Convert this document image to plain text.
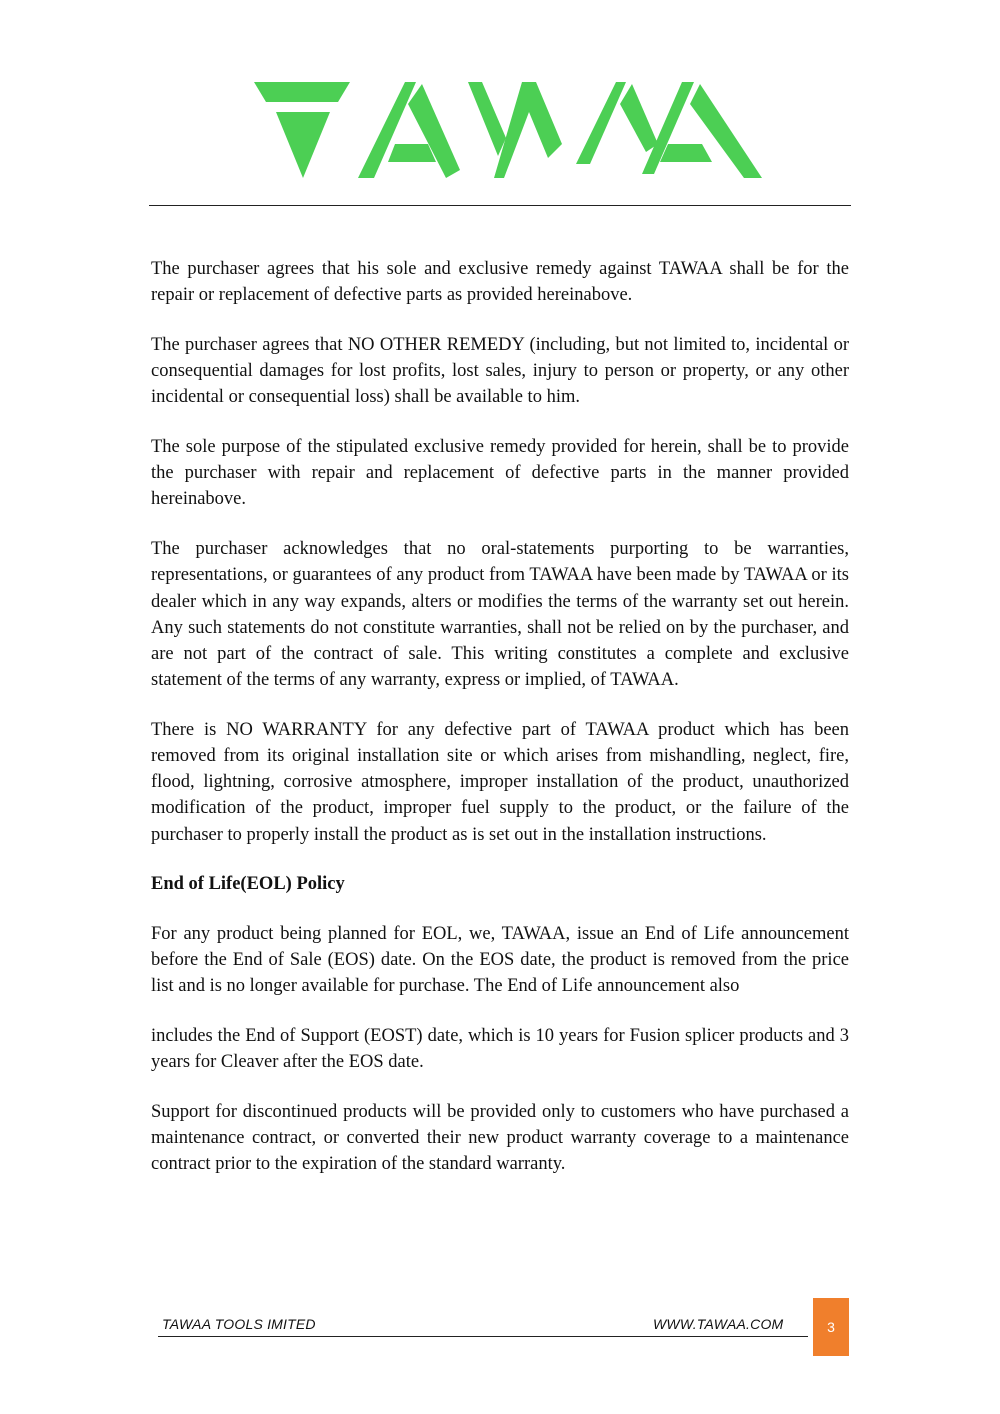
The purchaser agrees that his sole and exclusive remedy against TAWAA shall be for the repair or replacement of defective parts as provided hereinabove.

The purchaser agrees that NO OTHER REMEDY (including, but not limited to, incidental or consequential damages for lost profits, lost sales, injury to person or property, or any other incidental or consequential loss) shall be available to him.

The sole purpose of the stipulated exclusive remedy provided for herein, shall be to provide the purchaser with repair and replacement of defective parts in the manner provided hereinabove.

The purchaser acknowledges that no oral-statements purporting to be warranties, representations, or guarantees of any product from TAWAA have been made by TAWAA or its dealer which in any way expands, alters or modifies the terms of the warranty set out herein. Any such statements do not constitute warranties, shall not be relied on by the purchaser, and are not part of the contract of sale. This writing constitutes a complete and exclusive statement of the terms of any warranty, express or implied, of TAWAA.

There is NO WARRANTY for any defective part of TAWAA product which has been removed from its original installation site or which arises from mishandling, neglect, fire, flood, lightning, corrosive atmosphere, improper installation of the product, unauthorized modification of the product, improper fuel supply to the product, or the failure of the purchaser to properly install the product as is set out in the installation instructions.

End of Life(EOL) Policy

For any product being planned for EOL, we, TAWAA, issue an End of Life announcement before the End of Sale (EOS) date. On the EOS date, the product is removed from the price list and is no longer available for purchase. The End of Life announcement also

includes the End of Support (EOST) date, which is 10 years for Fusion splicer products and 3 years for Cleaver after the EOS date.

Support for discontinued products will be provided only to customers who have purchased a maintenance contract, or converted their new product warranty coverage to a maintenance contract prior to the expiration of the standard warranty.

TAWAA TOOLS IMITED	WWW.TAWAA.COM	3
